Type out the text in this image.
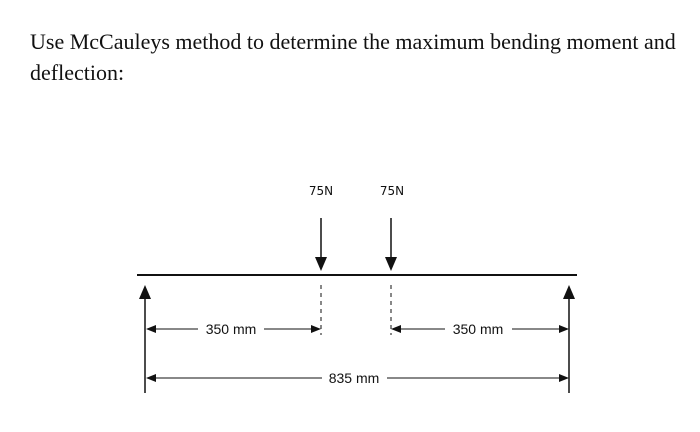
Use McCauleys method to determine the maximum bending moment and deflection:
75N	75N
350 mm	350 mm
835 mm
